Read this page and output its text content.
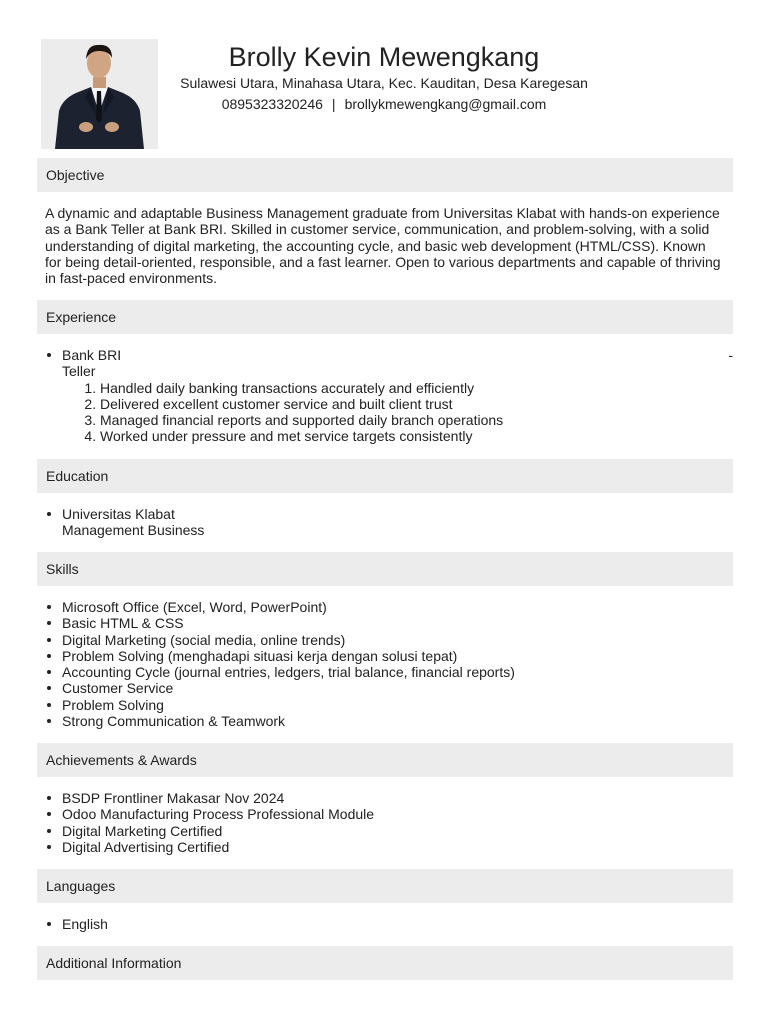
Brolly Kevin Mewengkang
Sulawesi Utara, Minahasa Utara, Kec. Kauditan, Desa Karegesan
0895323320246 | brollykmewengkang@gmail.com
Objective

A dynamic and adaptable Business Management graduate from Universitas Klabat with hands-on experience as a Bank Teller at Bank BRI. Skilled in customer service, communication, and problem-solving, with a solid understanding of digital marketing, the accounting cycle, and basic web development (HTML/CSS). Known for being detail-oriented, responsible, and a fast learner. Open to various departments and capable of thriving in fast-paced environments.

Experience
Bank BRI	-
Teller
1. Handled daily banking transactions accurately and efficiently
2. Delivered excellent customer service and built client trust
3. Managed financial reports and supported daily branch operations
4. Worked under pressure and met service targets consistently
Education
Universitas Klabat
Management Business
Skills
Microsoft Office (Excel, Word, PowerPoint)
Basic HTML & CSS
Digital Marketing (social media, online trends)
Problem Solving (menghadapi situasi kerja dengan solusi tepat)
Accounting Cycle (journal entries, ledgers, trial balance, financial reports)
Customer Service
Problem Solving
Strong Communication & Teamwork
Achievements & Awards
BSDP Frontliner Makasar Nov 2024
Odoo Manufacturing Process Professional Module
Digital Marketing Certified
Digital Advertising Certified
Languages
English
Additional Information
